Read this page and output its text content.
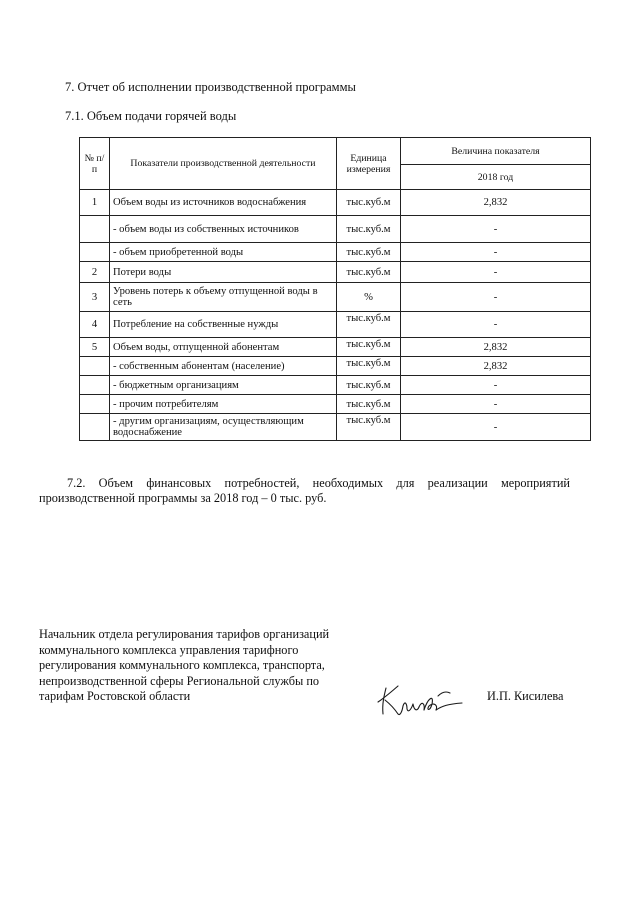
7. Отчет об исполнении производственной программы
7.1. Объем подачи горячей воды
№ п/п	Показатели производственной деятельности	Единица измерения	Величина показателя
			2018 год
1	Объем воды из источников водоснабжения	тыс.куб.м	2,832
	- объем воды из собственных источников	тыс.куб.м	-
	- объем приобретенной воды	тыс.куб.м	-
2	Потери воды	тыс.куб.м	-
3	Уровень потерь к объему отпущенной воды в сеть	%	-
4	Потребление на собственные нужды	тыс.куб.м	-
5	Объем воды, отпущенной абонентам	тыс.куб.м	2,832
	- собственным абонентам (население)	тыс.куб.м	2,832
	- бюджетным организациям	тыс.куб.м	-
	- прочим потребителям	тыс.куб.м	-
	- другим организациям, осуществляющим водоснабжение	тыс.куб.м	-
7.2. Объем финансовых потребностей, необходимых для реализации мероприятий
производственной программы за 2018 год – 0 тыс. руб.
Начальник отдела регулирования тарифов организаций
коммунального комплекса управления тарифного
регулирования коммунального комплекса, транспорта,
непроизводственной сферы Региональной службы по
тарифам Ростовской области	И.П. Кисилева
